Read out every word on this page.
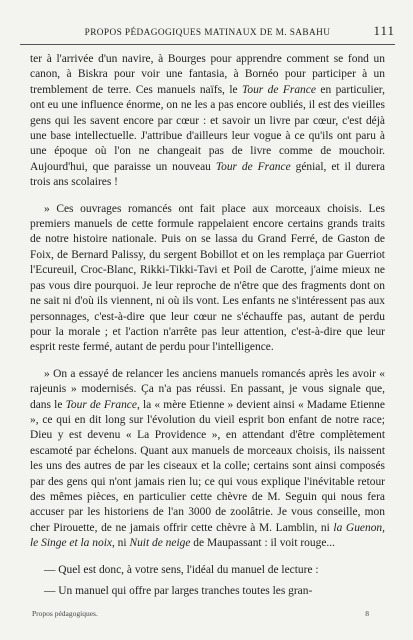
PROPOS PÉDAGOGIQUES MATINAUX DE M. SABAHU	111

ter à l'arrivée d'un navire, à Bourges pour apprendre comment se fond un canon, à Biskra pour voir une fantasia, à Bornéo pour participer à un tremblement de terre. Ces manuels naïfs, le Tour de France en particulier, ont eu une influence énorme, on ne les a pas encore oubliés, il est des vieilles gens qui les savent encore par cœur : et savoir un livre par cœur, c'est déjà une base intellectuelle. J'attribue d'ailleurs leur vogue à ce qu'ils ont paru à une époque où l'on ne changeait pas de livre comme de mouchoir. Aujourd'hui, que paraisse un nouveau Tour de France génial, et il durera trois ans scolaires !

» Ces ouvrages romancés ont fait place aux morceaux choisis. Les premiers manuels de cette formule rappelaient encore certains grands traits de notre histoire nationale. Puis on se lassa du Grand Ferré, de Gaston de Foix, de Bernard Palissy, du sergent Bobillot et on les remplaça par Guerriot l'Ecureuil, Croc-Blanc, Rikki-Tikki-Tavi et Poil de Carotte, j'aime mieux ne pas vous dire pourquoi. Je leur reproche de n'être que des fragments dont on ne sait ni d'où ils viennent, ni où ils vont. Les enfants ne s'intéressent pas aux personnages, c'est-à-dire que leur cœur ne s'échauffe pas, autant de perdu pour la morale ; et l'action n'arrête pas leur attention, c'est-à-dire que leur esprit reste fermé, autant de perdu pour l'intelligence.

» On a essayé de relancer les anciens manuels romancés après les avoir « rajeunis » modernisés. Ça n'a pas réussi. En passant, je vous signale que, dans le Tour de France, la « mère Etienne » devient ainsi « Madame Etienne », ce qui en dit long sur l'évolution du vieil esprit bon enfant de notre race; Dieu y est devenu « La Providence », en attendant d'être complètement escamoté par échelons. Quant aux manuels de morceaux choisis, ils naissent les uns des autres de par les ciseaux et la colle; certains sont ainsi composés par des gens qui n'ont jamais rien lu; ce qui vous explique l'inévitable retour des mêmes pièces, en particulier cette chèvre de M. Seguin qui nous fera accuser par les historiens de l'an 3000 de zoolâtrie. Je vous conseille, mon cher Pirouette, de ne jamais offrir cette chèvre à M. Lamblin, ni la Guenon, le Singe et la noix, ni Nuit de neige de Maupassant : il voit rouge...

— Quel est donc, à votre sens, l'idéal du manuel de lecture :

— Un manuel qui offre par larges tranches toutes les gran-

Propos pédagogiques.	8
